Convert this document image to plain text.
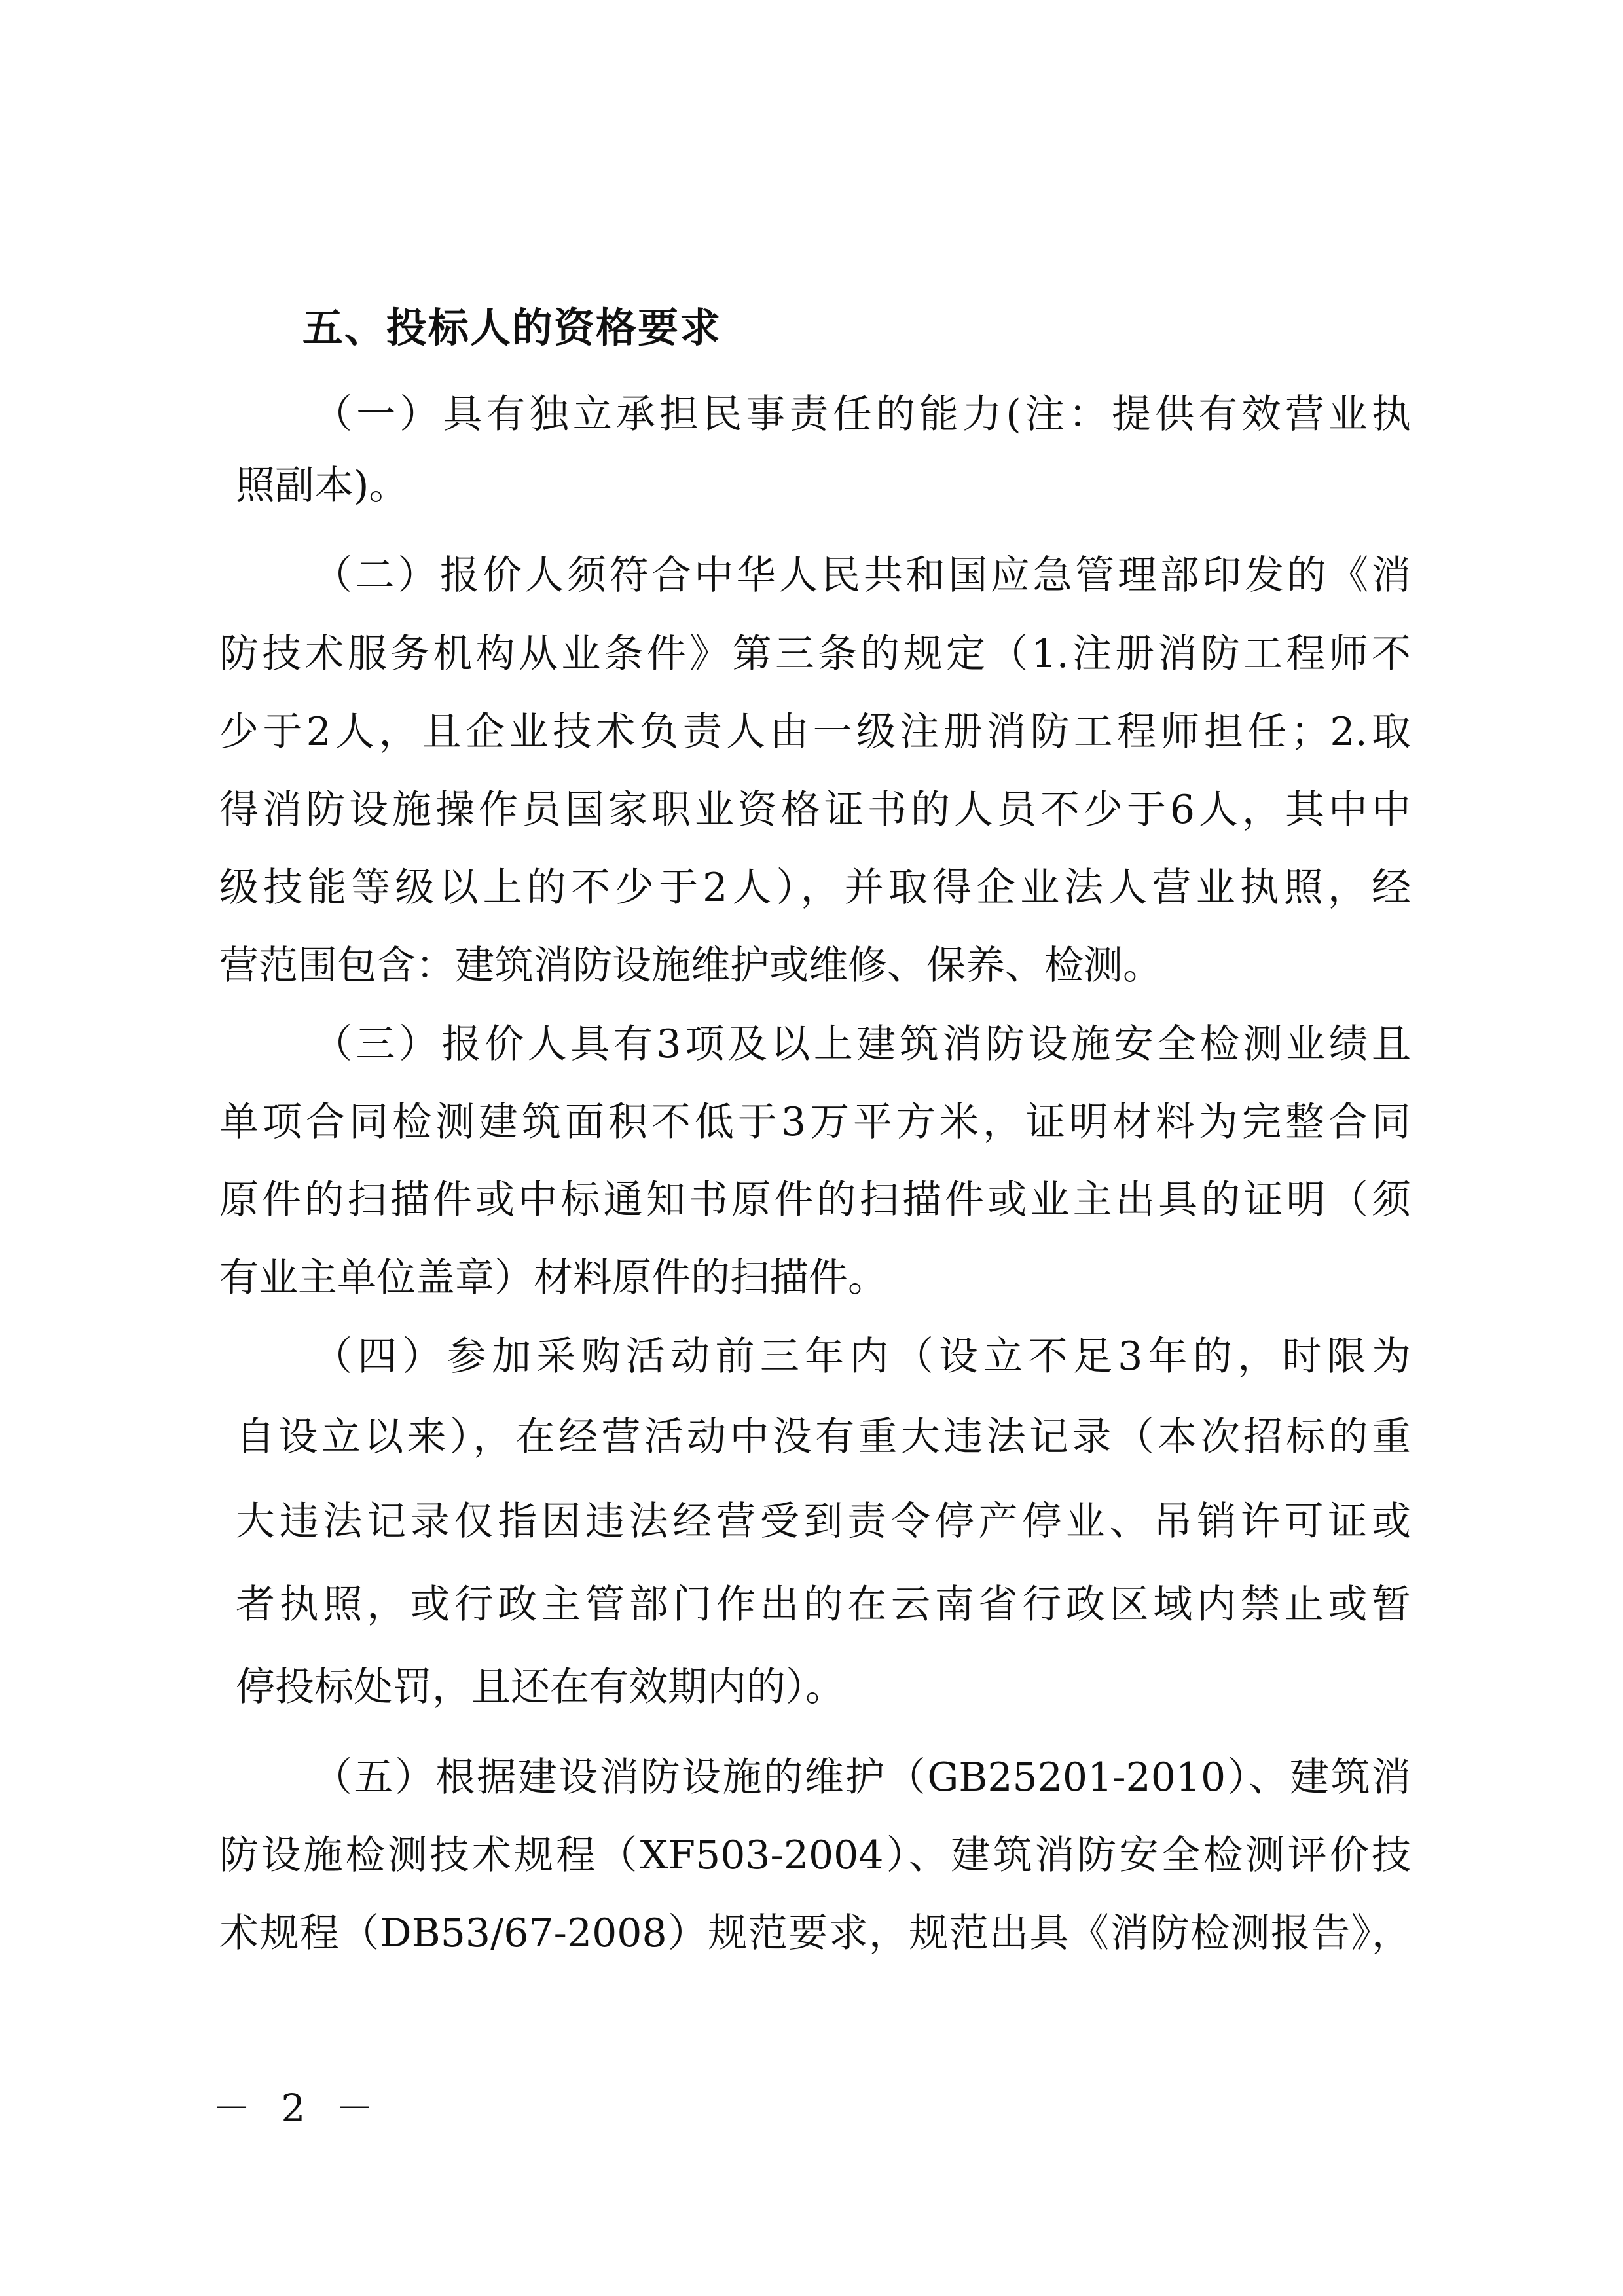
五、投标人的资格要求
（一）具有独立承担民事责任的能力(注：提供有效营业执
照副本)。
（二）报价人须符合中华人民共和国应急管理部印发的《消
防技术服务机构从业条件》第三条的规定（1.注册消防工程师不
少于2人，且企业技术负责人由一级注册消防工程师担任；2.取
得消防设施操作员国家职业资格证书的人员不少于6人，其中中
级技能等级以上的不少于2人），并取得企业法人营业执照，经
营范围包含：建筑消防设施维护或维修、保养、检测。
（三）报价人具有3项及以上建筑消防设施安全检测业绩且
单项合同检测建筑面积不低于3万平方米，证明材料为完整合同
原件的扫描件或中标通知书原件的扫描件或业主出具的证明（须
有业主单位盖章）材料原件的扫描件。
（四）参加采购活动前三年内（设立不足3年的，时限为
自设立以来），在经营活动中没有重大违法记录（本次招标的重
大违法记录仅指因违法经营受到责令停产停业、吊销许可证或
者执照，或行政主管部门作出的在云南省行政区域内禁止或暂
停投标处罚，且还在有效期内的）。
（五）根据建设消防设施的维护（GB25201-2010）、建筑消
防设施检测技术规程（XF503-2004）、建筑消防安全检测评价技
术规程（DB53/67-2008）规范要求，规范出具《消防检测报告》，
－ 2 －
